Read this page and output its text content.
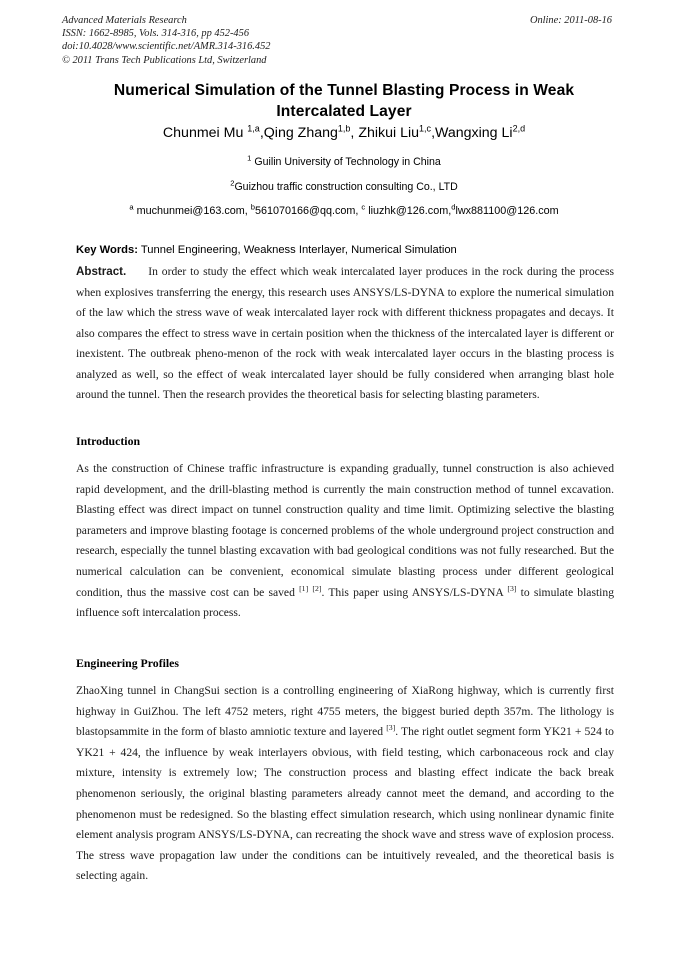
Advanced Materials Research	Online: 2011-08-16
ISSN: 1662-8985, Vols. 314-316, pp 452-456
doi:10.4028/www.scientific.net/AMR.314-316.452
© 2011 Trans Tech Publications Ltd, Switzerland
Numerical Simulation of the Tunnel Blasting Process in Weak Intercalated Layer
Chunmei Mu $^{1,a}$,Qing Zhang$^{1,b}$, Zhikui Liu$^{1,c}$,Wangxing Li$^{2,d}$
$^1$ Guilin University of Technology in China
$^2$Guizhou traffic construction consulting Co., LTD
$^a$ muchunmei@163.com, $^b$561070166@qq.com, $^c$ liuzhk@126.com,$^d$lwx881100@126.com
Key Words: Tunnel Engineering, Weakness Interlayer, Numerical Simulation
Abstract. In order to study the effect which weak intercalated layer produces in the rock during the process when explosives transferring the energy, this research uses ANSYS/LS-DYNA to explore the numerical simulation of the law which the stress wave of weak intercalated layer rock with different thickness propagates and decays. It also compares the effect to stress wave in certain position when the thickness of the intercalated layer is different or inexistent. The outbreak pheno-menon of the rock with weak intercalated layer occurs in the blasting process is analyzed as well, so the effect of weak intercalated layer should be fully considered when arranging blast hole around the tunnel. Then the research provides the theoretical basis for selecting blasting parameters.
Introduction
As the construction of Chinese traffic infrastructure is expanding gradually, tunnel construction is also achieved rapid development, and the drill-blasting method is currently the main construction method of tunnel excavation. Blasting effect was direct impact on tunnel construction quality and time limit. Optimizing selective the blasting parameters and improve blasting footage is concerned problems of the whole underground project construction and research, especially the tunnel blasting excavation with bad geological conditions was not fully researched. But the numerical calculation can be convenient, economical simulate blasting process under different geological condition, thus the massive cost can be saved [1] [2]. This paper using ANSYS/LS-DYNA [3] to simulate blasting influence soft intercalation process.
Engineering Profiles
ZhaoXing tunnel in ChangSui section is a controlling engineering of XiaRong highway, which is currently first highway in GuiZhou. The left 4752 meters, right 4755 meters, the biggest buried depth 357m. The lithology is blastopsammite in the form of blasto amniotic texture and layered [3]. The right outlet segment form YK21 + 524 to YK21 + 424, the influence by weak interlayers obvious, with field testing, which carbonaceous rock and clay mixture, intensity is extremely low; The construction process and blasting effect indicate the back break phenomenon seriously, the original blasting parameters already cannot meet the demand, and according to the phenomenon must be redesigned. So the blasting effect simulation research, which using nonlinear dynamic finite element analysis program ANSYS/LS-DYNA, can recreating the shock wave and stress wave of explosion process. The stress wave propagation law under the conditions can be intuitively revealed, and the theoretical basis is selecting again.
